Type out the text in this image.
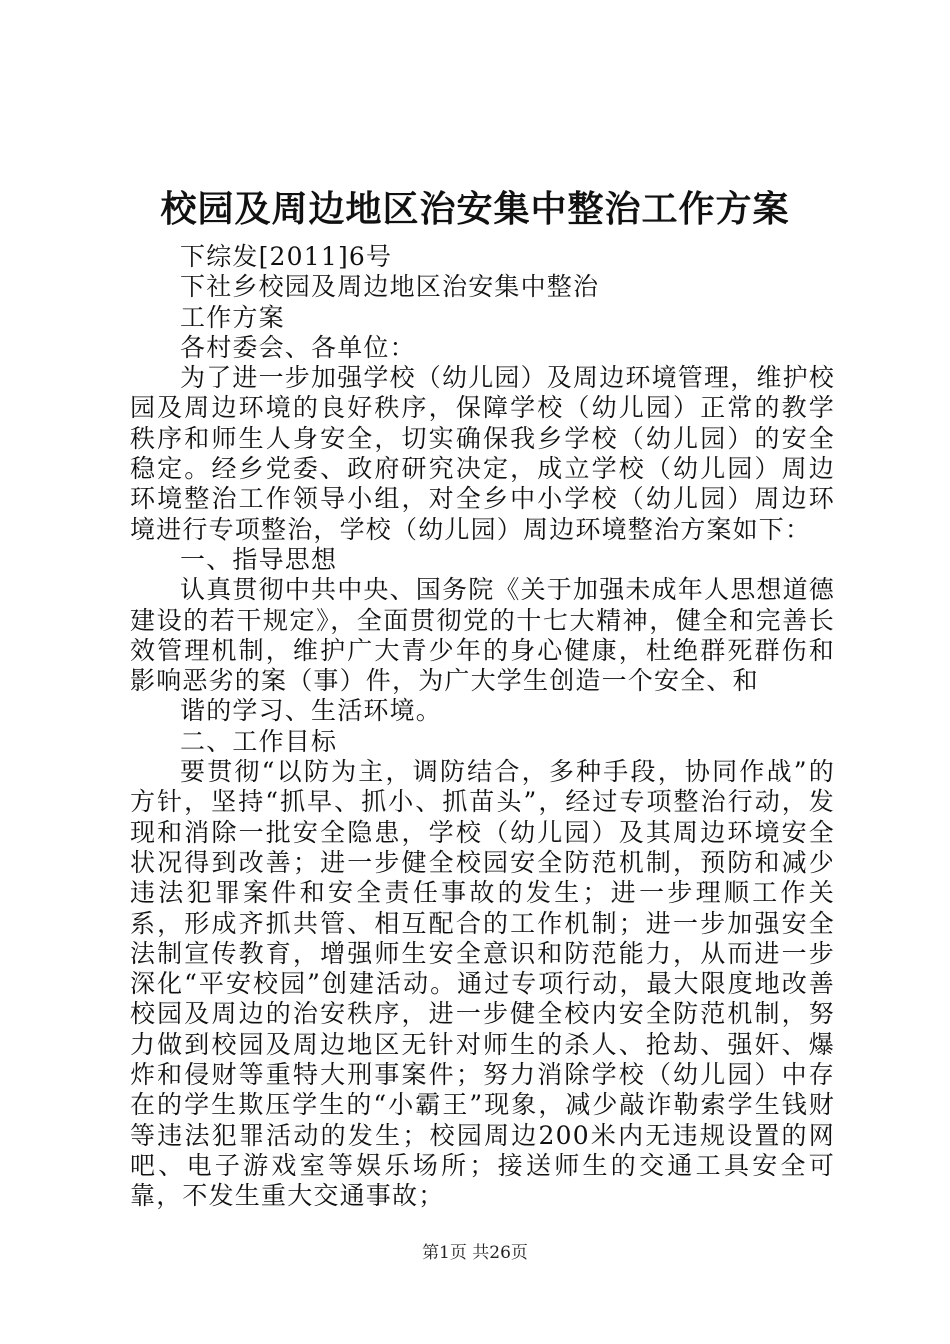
校园及周边地区治安集中整治工作方案

下综发[2011]6号

下社乡校园及周边地区治安集中整治

工作方案

各村委会、各单位：

为了进一步加强学校（幼儿园）及周边环境管理，维护校园及周边环境的良好秩序，保障学校（幼儿园）正常的教学秩序和师生人身安全，切实确保我乡学校（幼儿园）的安全稳定。经乡党委、政府研究决定，成立学校（幼儿园）周边环境整治工作领导小组，对全乡中小学校（幼儿园）周边环境进行专项整治，学校（幼儿园）周边环境整治方案如下：

一、指导思想

认真贯彻中共中央、国务院《关于加强未成年人思想道德建设的若干规定》，全面贯彻党的十七大精神，健全和完善长效管理机制，维护广大青少年的身心健康，杜绝群死群伤和影响恶劣的案（事）件，为广大学生创造一个安全、和

谐的学习、生活环境。

二、工作目标

要贯彻“以防为主，调防结合，多种手段，协同作战”的方针，坚持“抓早、抓小、抓苗头”，经过专项整治行动，发现和消除一批安全隐患，学校（幼儿园）及其周边环境安全状况得到改善；进一步健全校园安全防范机制，预防和减少违法犯罪案件和安全责任事故的发生；进一步理顺工作关系，形成齐抓共管、相互配合的工作机制；进一步加强安全法制宣传教育，增强师生安全意识和防范能力，从而进一步深化“平安校园”创建活动。通过专项行动，最大限度地改善校园及周边的治安秩序，进一步健全校内安全防范机制，努力做到校园及周边地区无针对师生的杀人、抢劫、强奸、爆炸和侵财等重特大刑事案件；努力消除学校（幼儿园）中存在的学生欺压学生的“小霸王”现象，减少敲诈勒索学生钱财等违法犯罪活动的发生；校园周边200米内无违规设置的网吧、电子游戏室等娱乐场所；接送师生的交通工具安全可靠，不发生重大交通事故；

第1页 共26页
